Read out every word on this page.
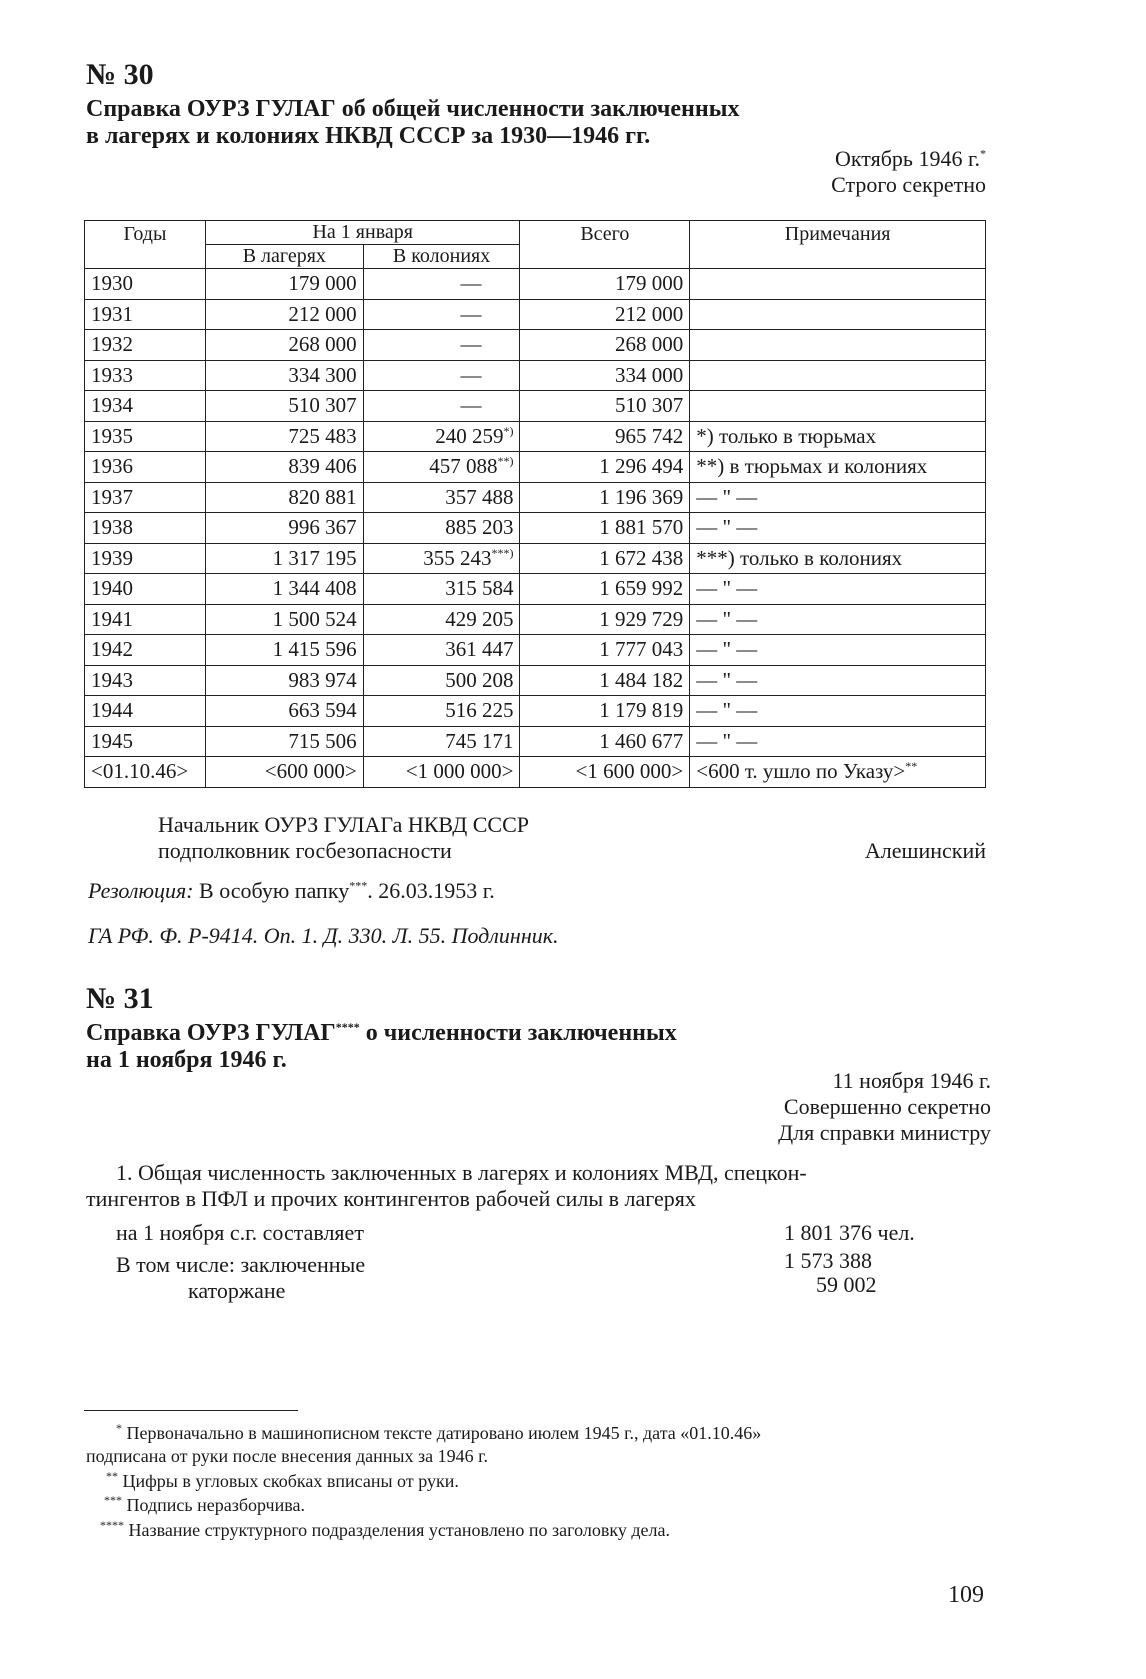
№ 30
Справка ОУРЗ ГУЛАГ об общей численности заключенных
в лагерях и колониях НКВД СССР за 1930—1946 гг.
Октябрь 1946 г.*
Строго секретно
Годы	На 1 января		Всего	Примечания
	В лагерях	В колониях		
1930	179 000	—	179 000	
1931	212 000	—	212 000	
1932	268 000	—	268 000	
1933	334 300	—	334 000	
1934	510 307	—	510 307	
1935	725 483	240 259*)	965 742	*) только в тюрьмах
1936	839 406	457 088**)	1 296 494	**) в тюрьмах и колониях
1937	820 881	357 488	1 196 369	— " —
1938	996 367	885 203	1 881 570	— " —
1939	1 317 195	355 243***)	1 672 438	***) только в колониях
1940	1 344 408	315 584	1 659 992	— " —
1941	1 500 524	429 205	1 929 729	— " —
1942	1 415 596	361 447	1 777 043	— " —
1943	983 974	500 208	1 484 182	— " —
1944	663 594	516 225	1 179 819	— " —
1945	715 506	745 171	1 460 677	— " —
<01.10.46>	<600 000>	<1 000 000>	<1 600 000>	<600 т. ушло по Указу>**
Начальник ОУРЗ ГУЛАГа НКВД СССР
подполковник госбезопасности	Алешинский
Резолюция: В особую папку***. 26.03.1953 г.
ГА РФ. Ф. Р-9414. Оп. 1. Д. 330. Л. 55. Подлинник.
№ 31
Справка ОУРЗ ГУЛАГ**** о численности заключенных
на 1 ноября 1946 г.
11 ноября 1946 г.
Совершенно секретно
Для справки министру
1. Общая численность заключенных в лагерях и колониях МВД, спецкон-
тингентов в ПФЛ и прочих контингентов рабочей силы в лагерях
на 1 ноября с.г. составляет	1 801 376 чел.
В том числе: заключенные	1 573 388
каторжане	59 002
* Первоначально в машинописном тексте датировано июлем 1945 г., дата «01.10.46»
подписана от руки после внесения данных за 1946 г.
** Цифры в угловых скобках вписаны от руки.
*** Подпись неразборчива.
**** Название структурного подразделения установлено по заголовку дела.
109
